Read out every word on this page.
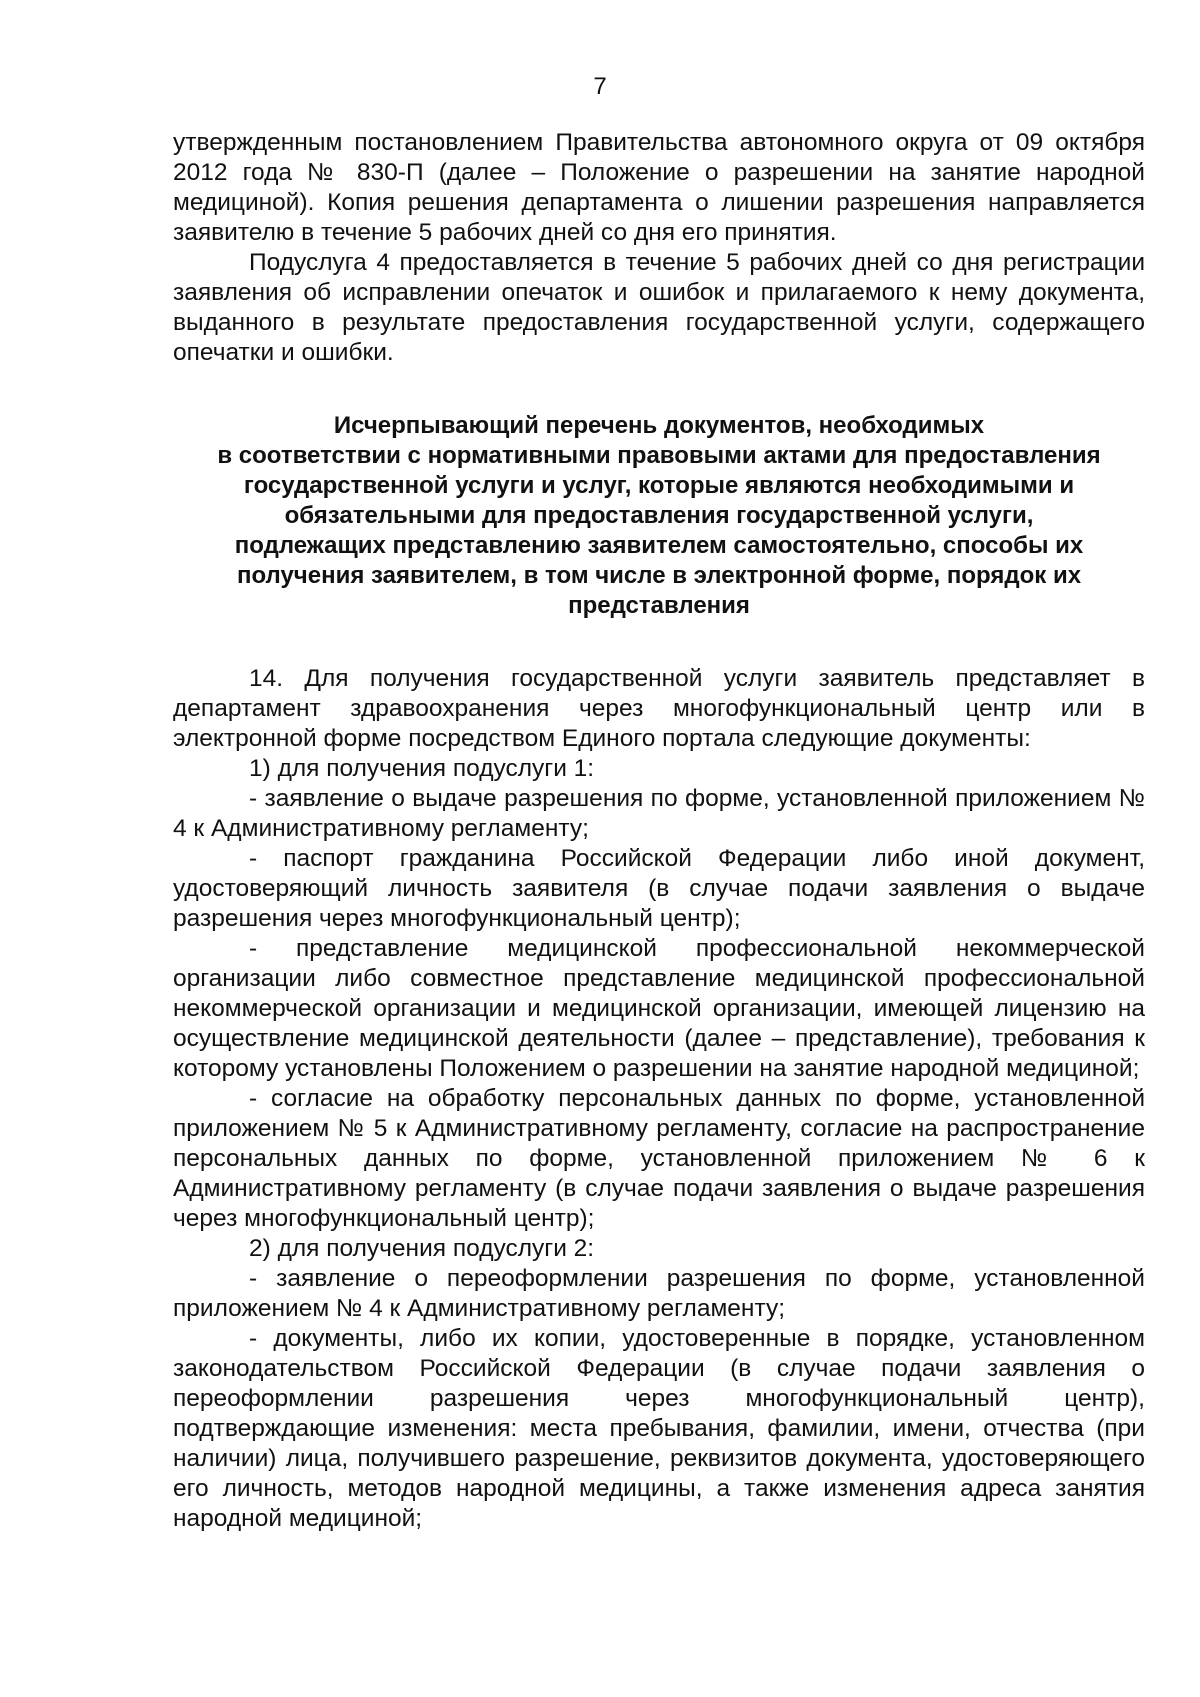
7

утвержденным постановлением Правительства автономного округа от 09 октября 2012 года № 830-П (далее – Положение о разрешении на занятие народной медициной). Копия решения департамента о лишении разрешения направляется заявителю в течение 5 рабочих дней со дня его принятия.

Подуслуга 4 предоставляется в течение 5 рабочих дней со дня регистрации заявления об исправлении опечаток и ошибок и прилагаемого к нему документа, выданного в результате предоставления государственной услуги, содержащего опечатки и ошибки.

Исчерпывающий перечень документов, необходимых
в соответствии с нормативными правовыми актами для предоставления
государственной услуги и услуг, которые являются необходимыми и
обязательными для предоставления государственной услуги,
подлежащих представлению заявителем самостоятельно, способы их
получения заявителем, в том числе в электронной форме, порядок их
представления

14. Для получения государственной услуги заявитель представляет в департамент здравоохранения через многофункциональный центр или в электронной форме посредством Единого портала следующие документы:

1) для получения подуслуги 1:

- заявление о выдаче разрешения по форме, установленной приложением № 4 к Административному регламенту;

- паспорт гражданина Российской Федерации либо иной документ, удостоверяющий личность заявителя (в случае подачи заявления о выдаче разрешения через многофункциональный центр);

- представление медицинской профессиональной некоммерческой организации либо совместное представление медицинской профессиональной некоммерческой организации и медицинской организации, имеющей лицензию на осуществление медицинской деятельности (далее – представление), требования к которому установлены Положением о разрешении на занятие народной медициной;

- согласие на обработку персональных данных по форме, установленной приложением № 5 к Административному регламенту, согласие на распространение персональных данных по форме, установленной приложением № 6 к Административному регламенту (в случае подачи заявления о выдаче разрешения через многофункциональный центр);

2) для получения подуслуги 2:

- заявление о переоформлении разрешения по форме, установленной приложением № 4 к Административному регламенту;

- документы, либо их копии, удостоверенные в порядке, установленном законодательством Российской Федерации (в случае подачи заявления о переоформлении разрешения через многофункциональный центр), подтверждающие изменения: места пребывания, фамилии, имени, отчества (при наличии) лица, получившего разрешение, реквизитов документа, удостоверяющего его личность, методов народной медицины, а также изменения адреса занятия народной медициной;
